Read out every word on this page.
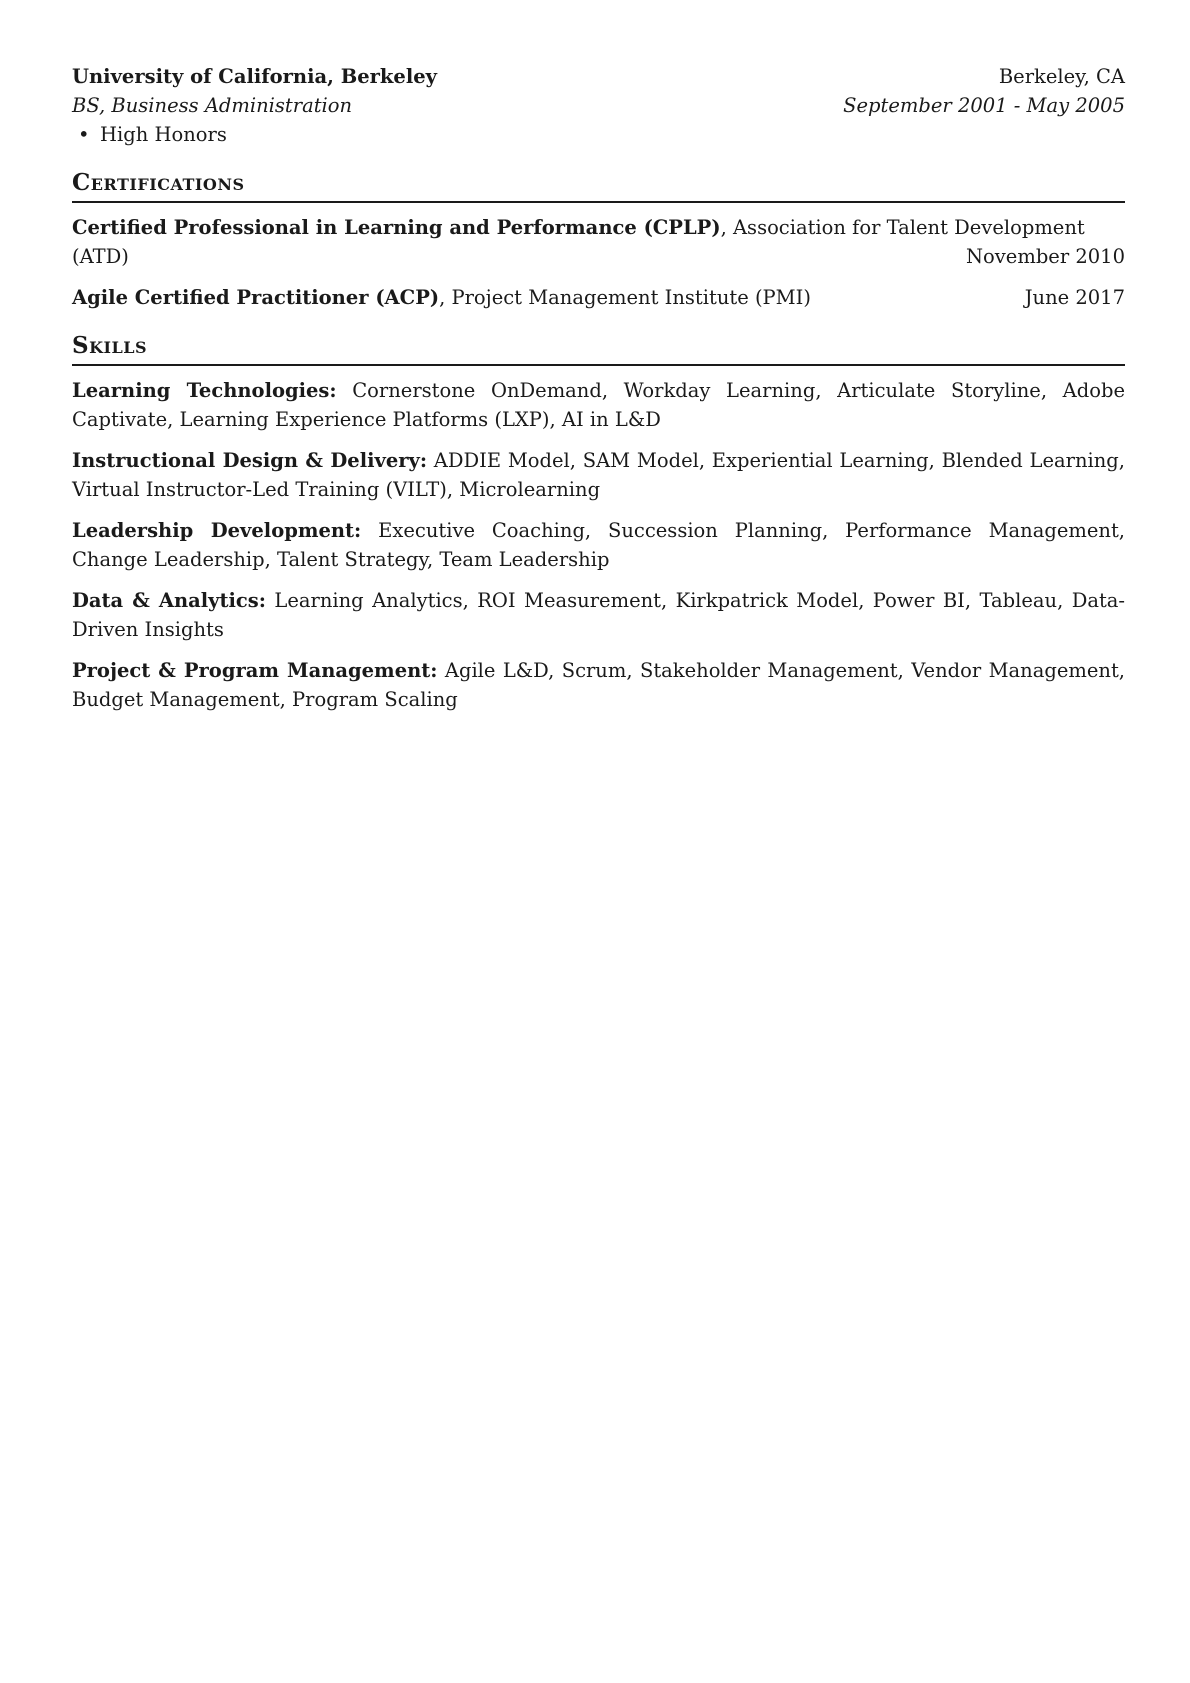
University of California, Berkeley	Berkeley, CA
BS, Business Administration	September 2001 - May 2005
• High Honors
Certifications
Certified Professional in Learning and Performance (CPLP), Association for Talent Development
(ATD)	November 2010
Agile Certified Practitioner (ACP), Project Management Institute (PMI)	June 2017
Skills
Learning Technologies: Cornerstone OnDemand, Workday Learning, Articulate Storyline, Adobe Captivate, Learning Experience Platforms (LXP), AI in L&D
Instructional Design & Delivery: ADDIE Model, SAM Model, Experiential Learning, Blended Learning, Virtual Instructor-Led Training (VILT), Microlearning
Leadership Development: Executive Coaching, Succession Planning, Performance Management, Change Leadership, Talent Strategy, Team Leadership
Data & Analytics: Learning Analytics, ROI Measurement, Kirkpatrick Model, Power BI, Tableau, Data-Driven Insights
Project & Program Management: Agile L&D, Scrum, Stakeholder Management, Vendor Management, Budget Management, Program Scaling
